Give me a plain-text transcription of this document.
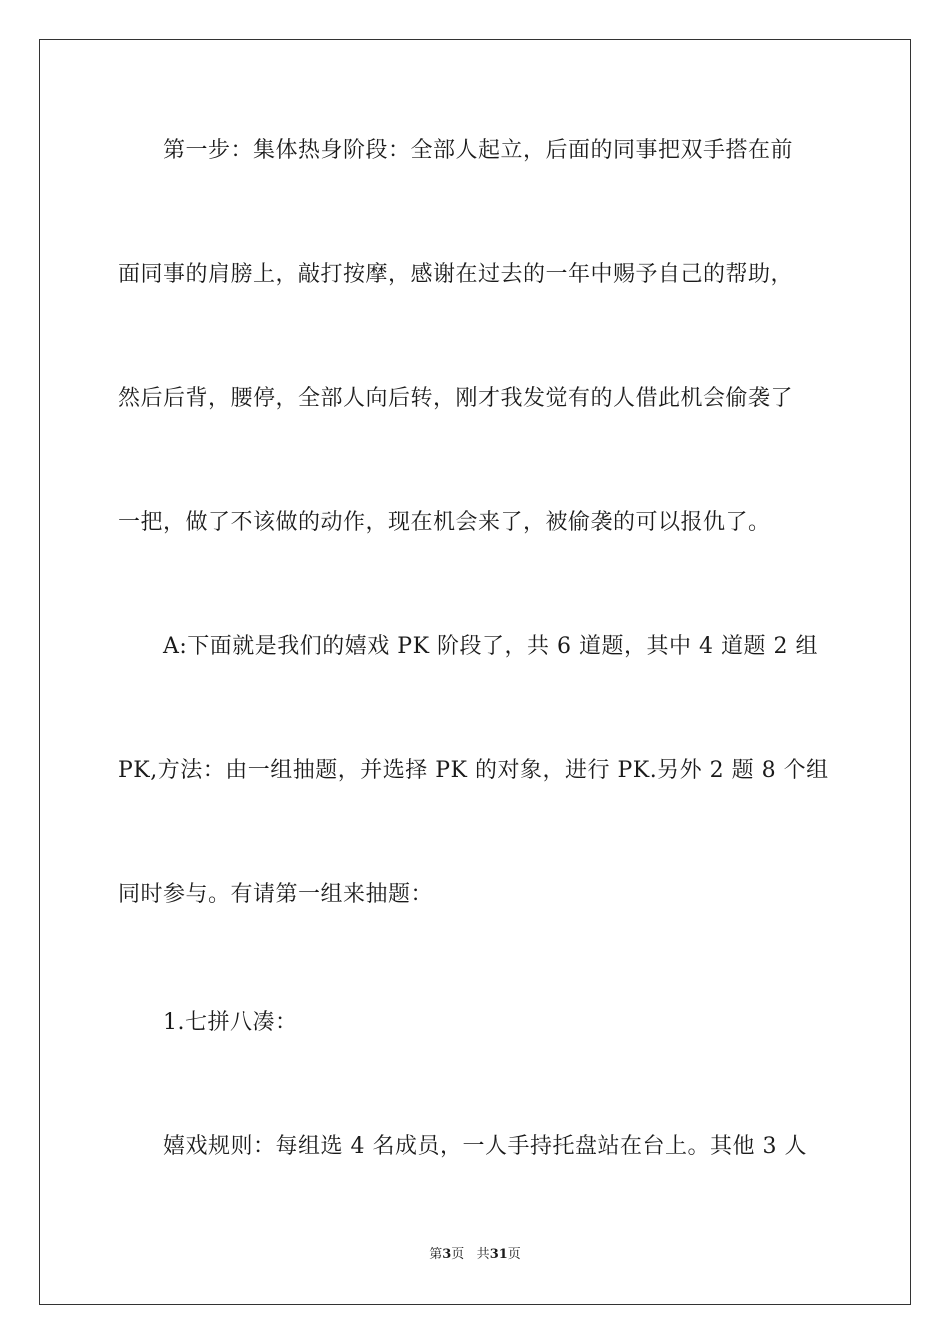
第一步：集体热身阶段：全部人起立，后面的同事把双手搭在前
面同事的肩膀上，敲打按摩，感谢在过去的一年中赐予自己的帮助，
然后后背，腰停，全部人向后转，刚才我发觉有的人借此机会偷袭了
一把，做了不该做的动作，现在机会来了，被偷袭的可以报仇了。
A:下面就是我们的嬉戏 PK 阶段了，共 6 道题，其中 4 道题 2 组
PK,方法：由一组抽题，并选择 PK 的对象，进行 PK.另外 2 题 8 个组
同时参与。有请第一组来抽题：
1.七拼八凑：
嬉戏规则：每组选 4 名成员，一人手持托盘站在台上。其他 3 人
第3页 共31页
